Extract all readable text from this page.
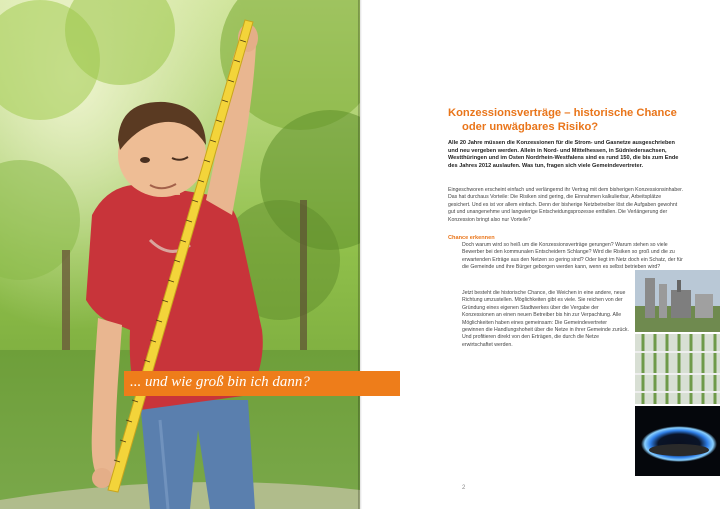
... und wie groß bin ich dann?
Konzessionsverträge – historische Chance
oder unwägbares Risiko?

Alle 20 Jahre müssen die Konzessionen für die Strom- und Gasnetze ausgeschrieben und neu vergeben werden. Allein in Nord- und Mittelhessen, in Südniedersachsen, Westthüringen und im Osten Nordrhein-Westfalens sind es rund 150, die bis zum Ende des Jahres 2012 auslaufen. Was tun, fragen sich viele Gemeindevertreter.

Eingeschworen erscheint einfach und verlängernd ihr Vertrag mit dem bisherigen Konzessionsinhaber. Das hat durchaus Vorteile: Die Risiken sind gering, die Einnahmen kalkulierbar, Arbeitsplätze gesichert. Und es ist vor allem einfach. Denn der bisherige Netzbetreiber löst die Aufgaben gewohnt gut und unangenehme und langwierige Entscheidungsprozesse entfallen. Die Verlängerung der Konzession bringt also nur Vorteile?

Chance erkennen

Doch warum wird so heiß um die Konzessionsverträge gerungen? Warum stehen so viele Bewerber bei den kommunalen Entscheidern Schlange? Wird die Risiken so groß und die zu erwartenden Erträge aus den Netzen so gering sind? Oder liegt im Netz doch ein Schatz, der für die Gemeinde und ihre Bürger geborgen werden kann, wenn es selbst betrieben wird?

Jetzt besteht die historische Chance, die Weichen in eine andere, neue Richtung umzustellen. Möglichkeiten gibt es viele. Sie reichen von der Gründung eines eigenen Stadtwerkes über die Vergabe der Konzessionen an einen neuen Betreiber bis hin zur Verpachtung. Alle Möglichkeiten haben eines gemeinsam: Die Gemeindevertreter gewinnen die Handlungshoheit über die Netze in ihrer Gemeinde zurück. Und profitieren direkt von den Erträgen, die durch die Netze erwirtschaftet werden.

2
